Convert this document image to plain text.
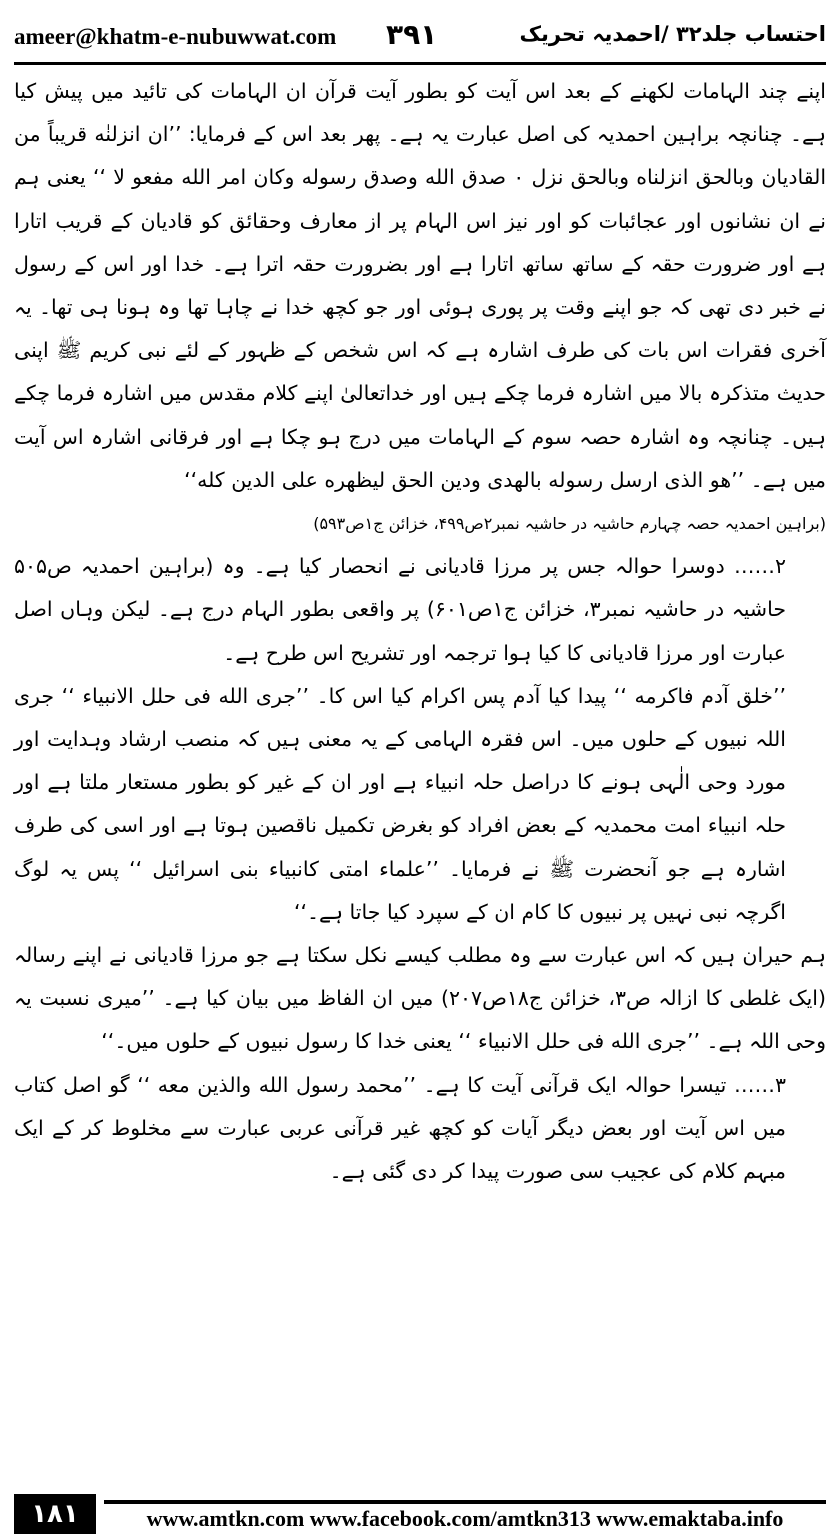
ameer@khatm-e-nubuwwat.com ۳۹۱	احتساب جلد۳۲ /احمدیہ تحریک

اپنے چند الہامات لکھنے کے بعد اس آیت کو بطور آیت قرآن ان الہامات کی تائید میں پیش کیا ہے۔ چنانچہ براہین احمدیہ کی اصل عبارت یہ ہے۔ پھر بعد اس کے فرمایا: ’’ان انزلنٰه قريباً من القاديان وبالحق انزلناه وبالحق نزل ۰ صدق الله وصدق رسوله وكان امر الله مفعو لا ‘‘ یعنی ہم نے ان نشانوں اور عجائبات کو اور نیز اس الہام پر از معارف وحقائق کو قادیان کے قریب اتارا ہے اور ضرورت حقہ کے ساتھ ساتھ اتارا ہے اور بضرورت حقہ اترا ہے۔ خدا اور اس کے رسول نے خبر دی تھی کہ جو اپنے وقت پر پوری ہوئی اور جو کچھ خدا نے چاہا تھا وہ ہونا ہی تھا۔ یہ آخری فقرات اس بات کی طرف اشارہ ہے کہ اس شخص کے ظہور کے لئے نبی کریم ﷺ اپنی حدیث متذکرہ بالا میں اشارہ فرما چکے ہیں اور خداتعالیٰ اپنے کلام مقدس میں اشارہ فرما چکے ہیں۔ چنانچہ وہ اشارہ حصہ سوم کے الہامات میں درج ہو چکا ہے اور فرقانی اشارہ اس آیت میں ہے۔ ’’هو الذى ارسل رسوله بالهدى ودين الحق ليظهره على الدين كله‘‘

(براہین احمدیہ حصہ چہارم حاشیہ در حاشیہ نمبر۲ص۴۹۹، خزائن ج۱ص۵۹۳)

۲…… دوسرا حوالہ جس پر مرزا قادیانی نے انحصار کیا ہے۔ وہ (براہین احمدیہ ص۵۰۵ حاشیہ در حاشیہ نمبر۳، خزائن ج۱ص۶۰۱) پر واقعی بطور الہام درج ہے۔ لیکن وہاں اصل عبارت اور مرزا قادیانی کا کیا ہوا ترجمہ اور تشریح اس طرح ہے۔

’’خلق آدم فاكرمه ‘‘ پیدا کیا آدم پس اکرام کیا اس کا۔ ’’جرى الله فى حلل الانبياء ‘‘ جری اللہ نبیوں کے حلوں میں۔ اس فقرہ الہامی کے یہ معنی ہیں کہ منصب ارشاد وہدایت اور مورد وحی الٰہی ہونے کا دراصل حلہ انبیاء ہے اور ان کے غیر کو بطور مستعار ملتا ہے اور حلہ انبیاء امت محمدیہ کے بعض افراد کو بغرض تکمیل ناقصین ہوتا ہے اور اسی کی طرف اشارہ ہے جو آنحضرت ﷺ نے فرمایا۔ ’’علماء امتى كانبياء بنى اسرائيل ‘‘ پس یہ لوگ اگرچہ نبی نہیں پر نبیوں کا کام ان کے سپرد کیا جاتا ہے۔‘‘

ہم حیران ہیں کہ اس عبارت سے وہ مطلب کیسے نکل سکتا ہے جو مرزا قادیانی نے اپنے رسالہ (ایک غلطی کا ازالہ ص۳، خزائن ج۱۸ص۲۰۷) میں ان الفاظ میں بیان کیا ہے۔ ’’میری نسبت یہ وحی اللہ ہے۔ ’’جرى الله فى حلل الانبياء ‘‘ یعنی خدا کا رسول نبیوں کے حلوں میں۔‘‘

۳…… تیسرا حوالہ ایک قرآنی آیت کا ہے۔ ’’محمد رسول الله والذين معه ‘‘ گو اصل کتاب میں اس آیت اور بعض دیگر آیات کو کچھ غیر قرآنی عربی عبارت سے مخلوط کر کے ایک مبہم کلام کی عجیب سی صورت پیدا کر دی گئی ہے۔

۱۸۱	www.amtkn.com www.facebook.com/amtkn313 www.emaktaba.info
